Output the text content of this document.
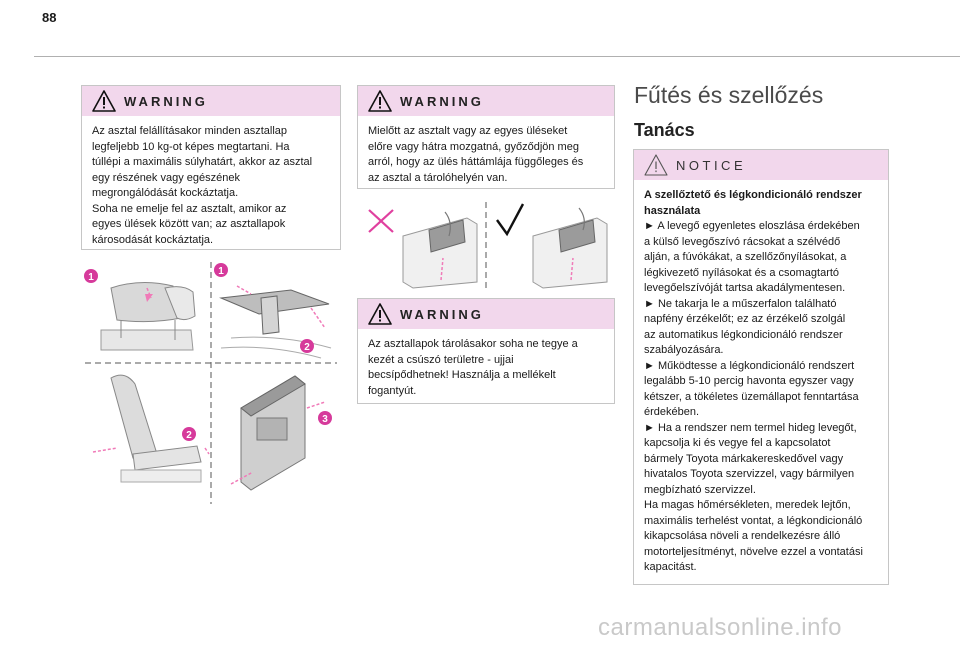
88
WARNING

Az asztal felállításakor minden asztallap

legfeljebb 10 kg-ot képes megtartani. Ha

túllépi a maximális súlyhatárt, akkor az asztal

egy részének vagy egészének

megrongálódását kockáztatja.

Soha ne emelje fel az asztalt, amikor az

egyes ülések között van; az asztallapok

károsodását kockáztatja.

1
1
2
2
3
WARNING

Mielőtt az asztalt vagy az egyes üléseket

előre vagy hátra mozgatná, győződjön meg

arról, hogy az ülés háttámlája függőleges és

az asztal a tárolóhelyén van.

WARNING

Az asztallapok tárolásakor soha ne tegye a

kezét a csúszó területre - ujjai

becsípődhetnek! Használja a mellékelt

fogantyút.

Fűtés és szellőzés
Tanács
NOTICE

A szellőztető és légkondicionáló rendszer

használata

► A levegő egyenletes eloszlása érdekében

a külső levegőszívó rácsokat a szélvédő

alján, a fúvókákat, a szellőzőnyílásokat, a

légkivezető nyílásokat és a csomagtartó

levegőelszívóját tartsa akadálymentesen.

► Ne takarja le a műszerfalon található

napfény érzékelőt; ez az érzékelő szolgál

az automatikus légkondicionáló rendszer

szabályozására.

► Működtesse a légkondicionáló rendszert

legalább 5-10 percig havonta egyszer vagy

kétszer, a tökéletes üzemállapot fenntartása

érdekében.

► Ha a rendszer nem termel hideg levegőt,

kapcsolja ki és vegye fel a kapcsolatot

bármely Toyota márkakereskedővel vagy

hivatalos Toyota szervizzel, vagy bármilyen

megbízható szervizzel.

Ha magas hőmérsékleten, meredek lejtőn,

maximális terhelést vontat, a légkondicionáló

kikapcsolása növeli a rendelkezésre álló

motorteljesítményt, növelve ezzel a vontatási

kapacitást.

carmanualsonline.info
